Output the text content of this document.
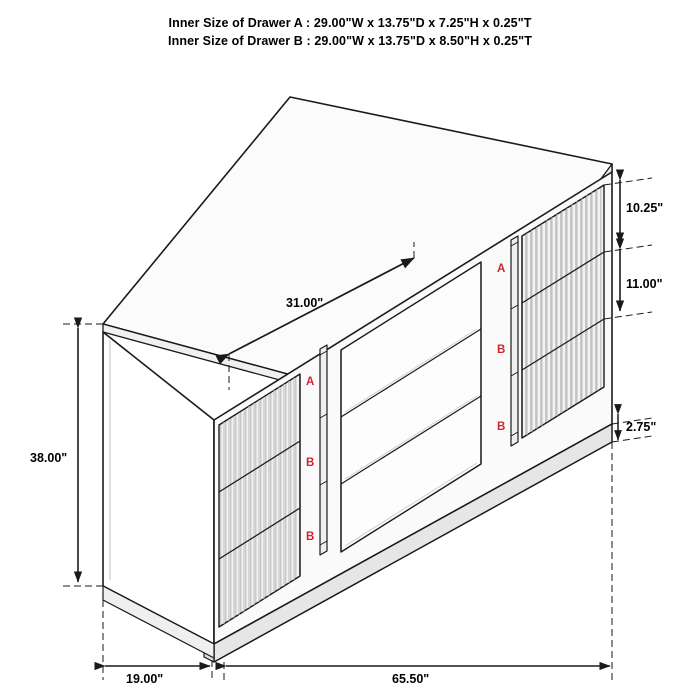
Inner Size of Drawer A : 29.00"W x 13.75"D x 7.25"H x 0.25"T
Inner Size of Drawer B : 29.00"W x 13.75"D x 8.50"H x 0.25"T
A
B
B
A
B
B
31.00"
10.25"
11.00"
2.75"
38.00"
19.00"	65.50"
